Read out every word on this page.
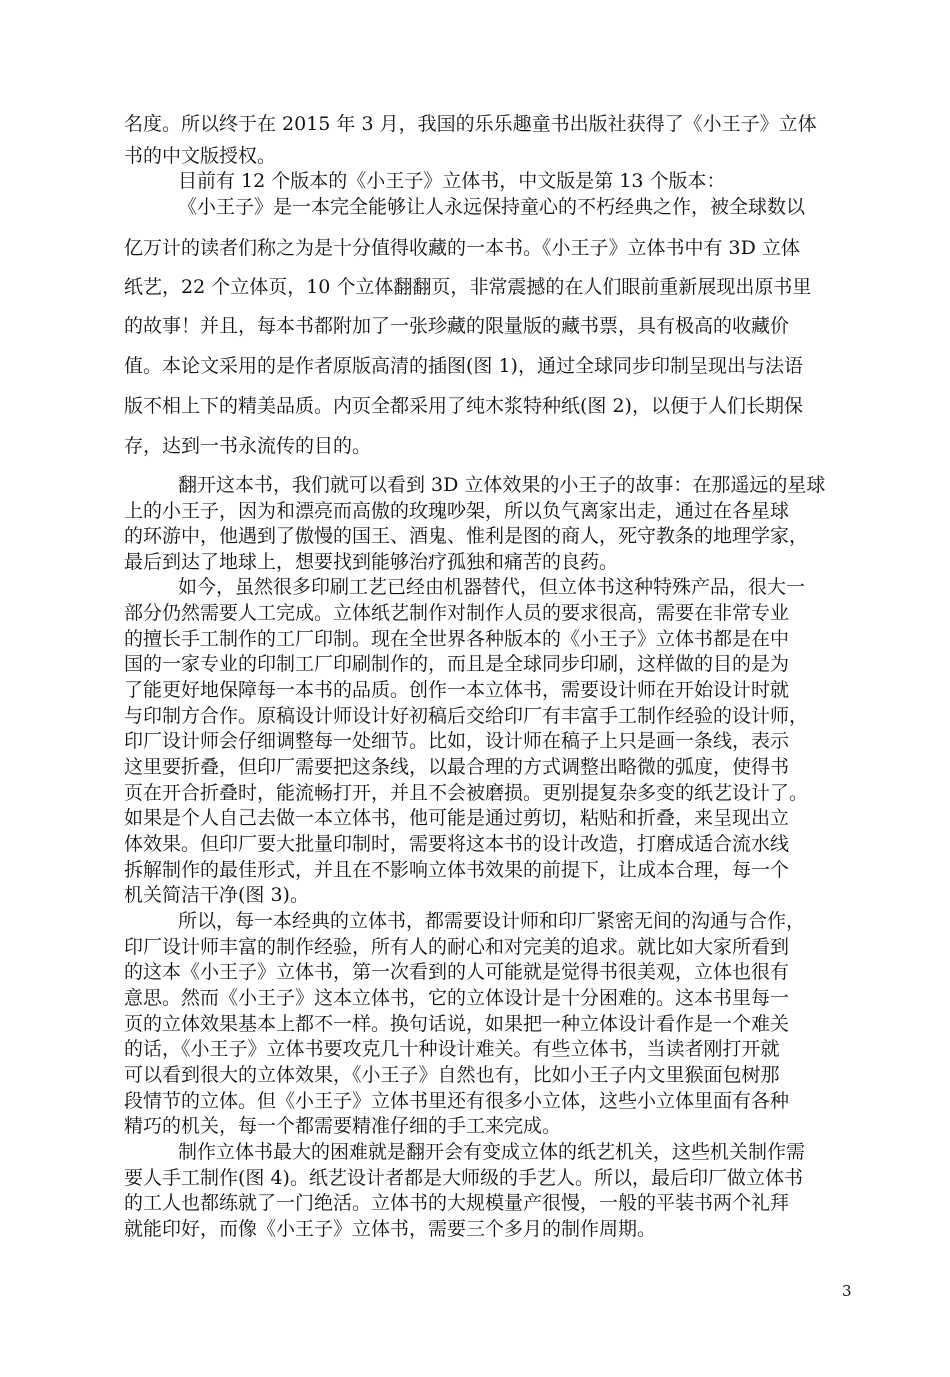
名度。所以终于在 2015 年 3 月，我国的乐乐趣童书出版社获得了《小王子》立体
书的中文版授权。
目前有 12 个版本的《小王子》立体书，中文版是第 13 个版本：
《小王子》是一本完全能够让人永远保持童心的不朽经典之作，被全球数以
亿万计的读者们称之为是十分值得收藏的一本书。《小王子》立体书中有 3D 立体
纸艺，22 个立体页，10 个立体翻翻页，非常震撼的在人们眼前重新展现出原书里
的故事！并且，每本书都附加了一张珍藏的限量版的藏书票，具有极高的收藏价
值。本论文采用的是作者原版高清的插图(图 1)，通过全球同步印制呈现出与法语
版不相上下的精美品质。内页全都采用了纯木浆特种纸(图 2)，以便于人们长期保
存，达到一书永流传的目的。
翻开这本书，我们就可以看到 3D 立体效果的小王子的故事：在那遥远的星球
上的小王子，因为和漂亮而高傲的玫瑰吵架，所以负气离家出走，通过在各星球
的环游中，他遇到了傲慢的国王、酒鬼、惟利是图的商人，死守教条的地理学家，
最后到达了地球上，想要找到能够治疗孤独和痛苦的良药。
如今，虽然很多印刷工艺已经由机器替代，但立体书这种特殊产品，很大一
部分仍然需要人工完成。立体纸艺制作对制作人员的要求很高，需要在非常专业
的擅长手工制作的工厂印制。现在全世界各种版本的《小王子》立体书都是在中
国的一家专业的印制工厂印刷制作的，而且是全球同步印刷，这样做的目的是为
了能更好地保障每一本书的品质。创作一本立体书，需要设计师在开始设计时就
与印制方合作。原稿设计师设计好初稿后交给印厂有丰富手工制作经验的设计师，
印厂设计师会仔细调整每一处细节。比如，设计师在稿子上只是画一条线，表示
这里要折叠，但印厂需要把这条线，以最合理的方式调整出略微的弧度，使得书
页在开合折叠时，能流畅打开，并且不会被磨损。更别提复杂多变的纸艺设计了。
如果是个人自己去做一本立体书，他可能是通过剪切，粘贴和折叠，来呈现出立
体效果。但印厂要大批量印制时，需要将这本书的设计改造，打磨成适合流水线
拆解制作的最佳形式，并且在不影响立体书效果的前提下，让成本合理，每一个
机关简洁干净(图 3)。
所以，每一本经典的立体书，都需要设计师和印厂紧密无间的沟通与合作，
印厂设计师丰富的制作经验，所有人的耐心和对完美的追求。就比如大家所看到
的这本《小王子》立体书，第一次看到的人可能就是觉得书很美观，立体也很有
意思。然而《小王子》这本立体书，它的立体设计是十分困难的。这本书里每一
页的立体效果基本上都不一样。换句话说，如果把一种立体设计看作是一个难关
的话，《小王子》立体书要攻克几十种设计难关。有些立体书，当读者刚打开就
可以看到很大的立体效果，《小王子》自然也有，比如小王子内文里猴面包树那
段情节的立体。但《小王子》立体书里还有很多小立体，这些小立体里面有各种
精巧的机关，每一个都需要精准仔细的手工来完成。
制作立体书最大的困难就是翻开会有变成立体的纸艺机关，这些机关制作需
要人手工制作(图 4)。纸艺设计者都是大师级的手艺人。所以，最后印厂做立体书
的工人也都练就了一门绝活。立体书的大规模量产很慢，一般的平装书两个礼拜
就能印好，而像《小王子》立体书，需要三个多月的制作周期。
3
